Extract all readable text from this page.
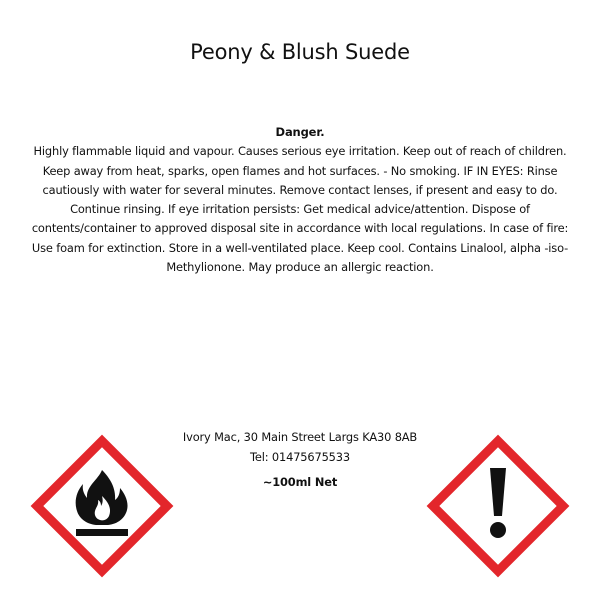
Peony & Blush Suede
Danger.
Highly flammable liquid and vapour. Causes serious eye irritation. Keep out of reach of children. Keep away from heat, sparks, open flames and hot surfaces. - No smoking. IF IN EYES: Rinse cautiously with water for several minutes. Remove contact lenses, if present and easy to do. Continue rinsing. If eye irritation persists: Get medical advice/attention. Dispose of contents/container to approved disposal site in accordance with local regulations. In case of fire: Use foam for extinction. Store in a well-ventilated place. Keep cool. Contains Linalool, alpha -iso-Methylionone. May produce an allergic reaction.
Ivory Mac, 30 Main Street Largs KA30 8AB
Tel: 01475675533
~100ml Net
